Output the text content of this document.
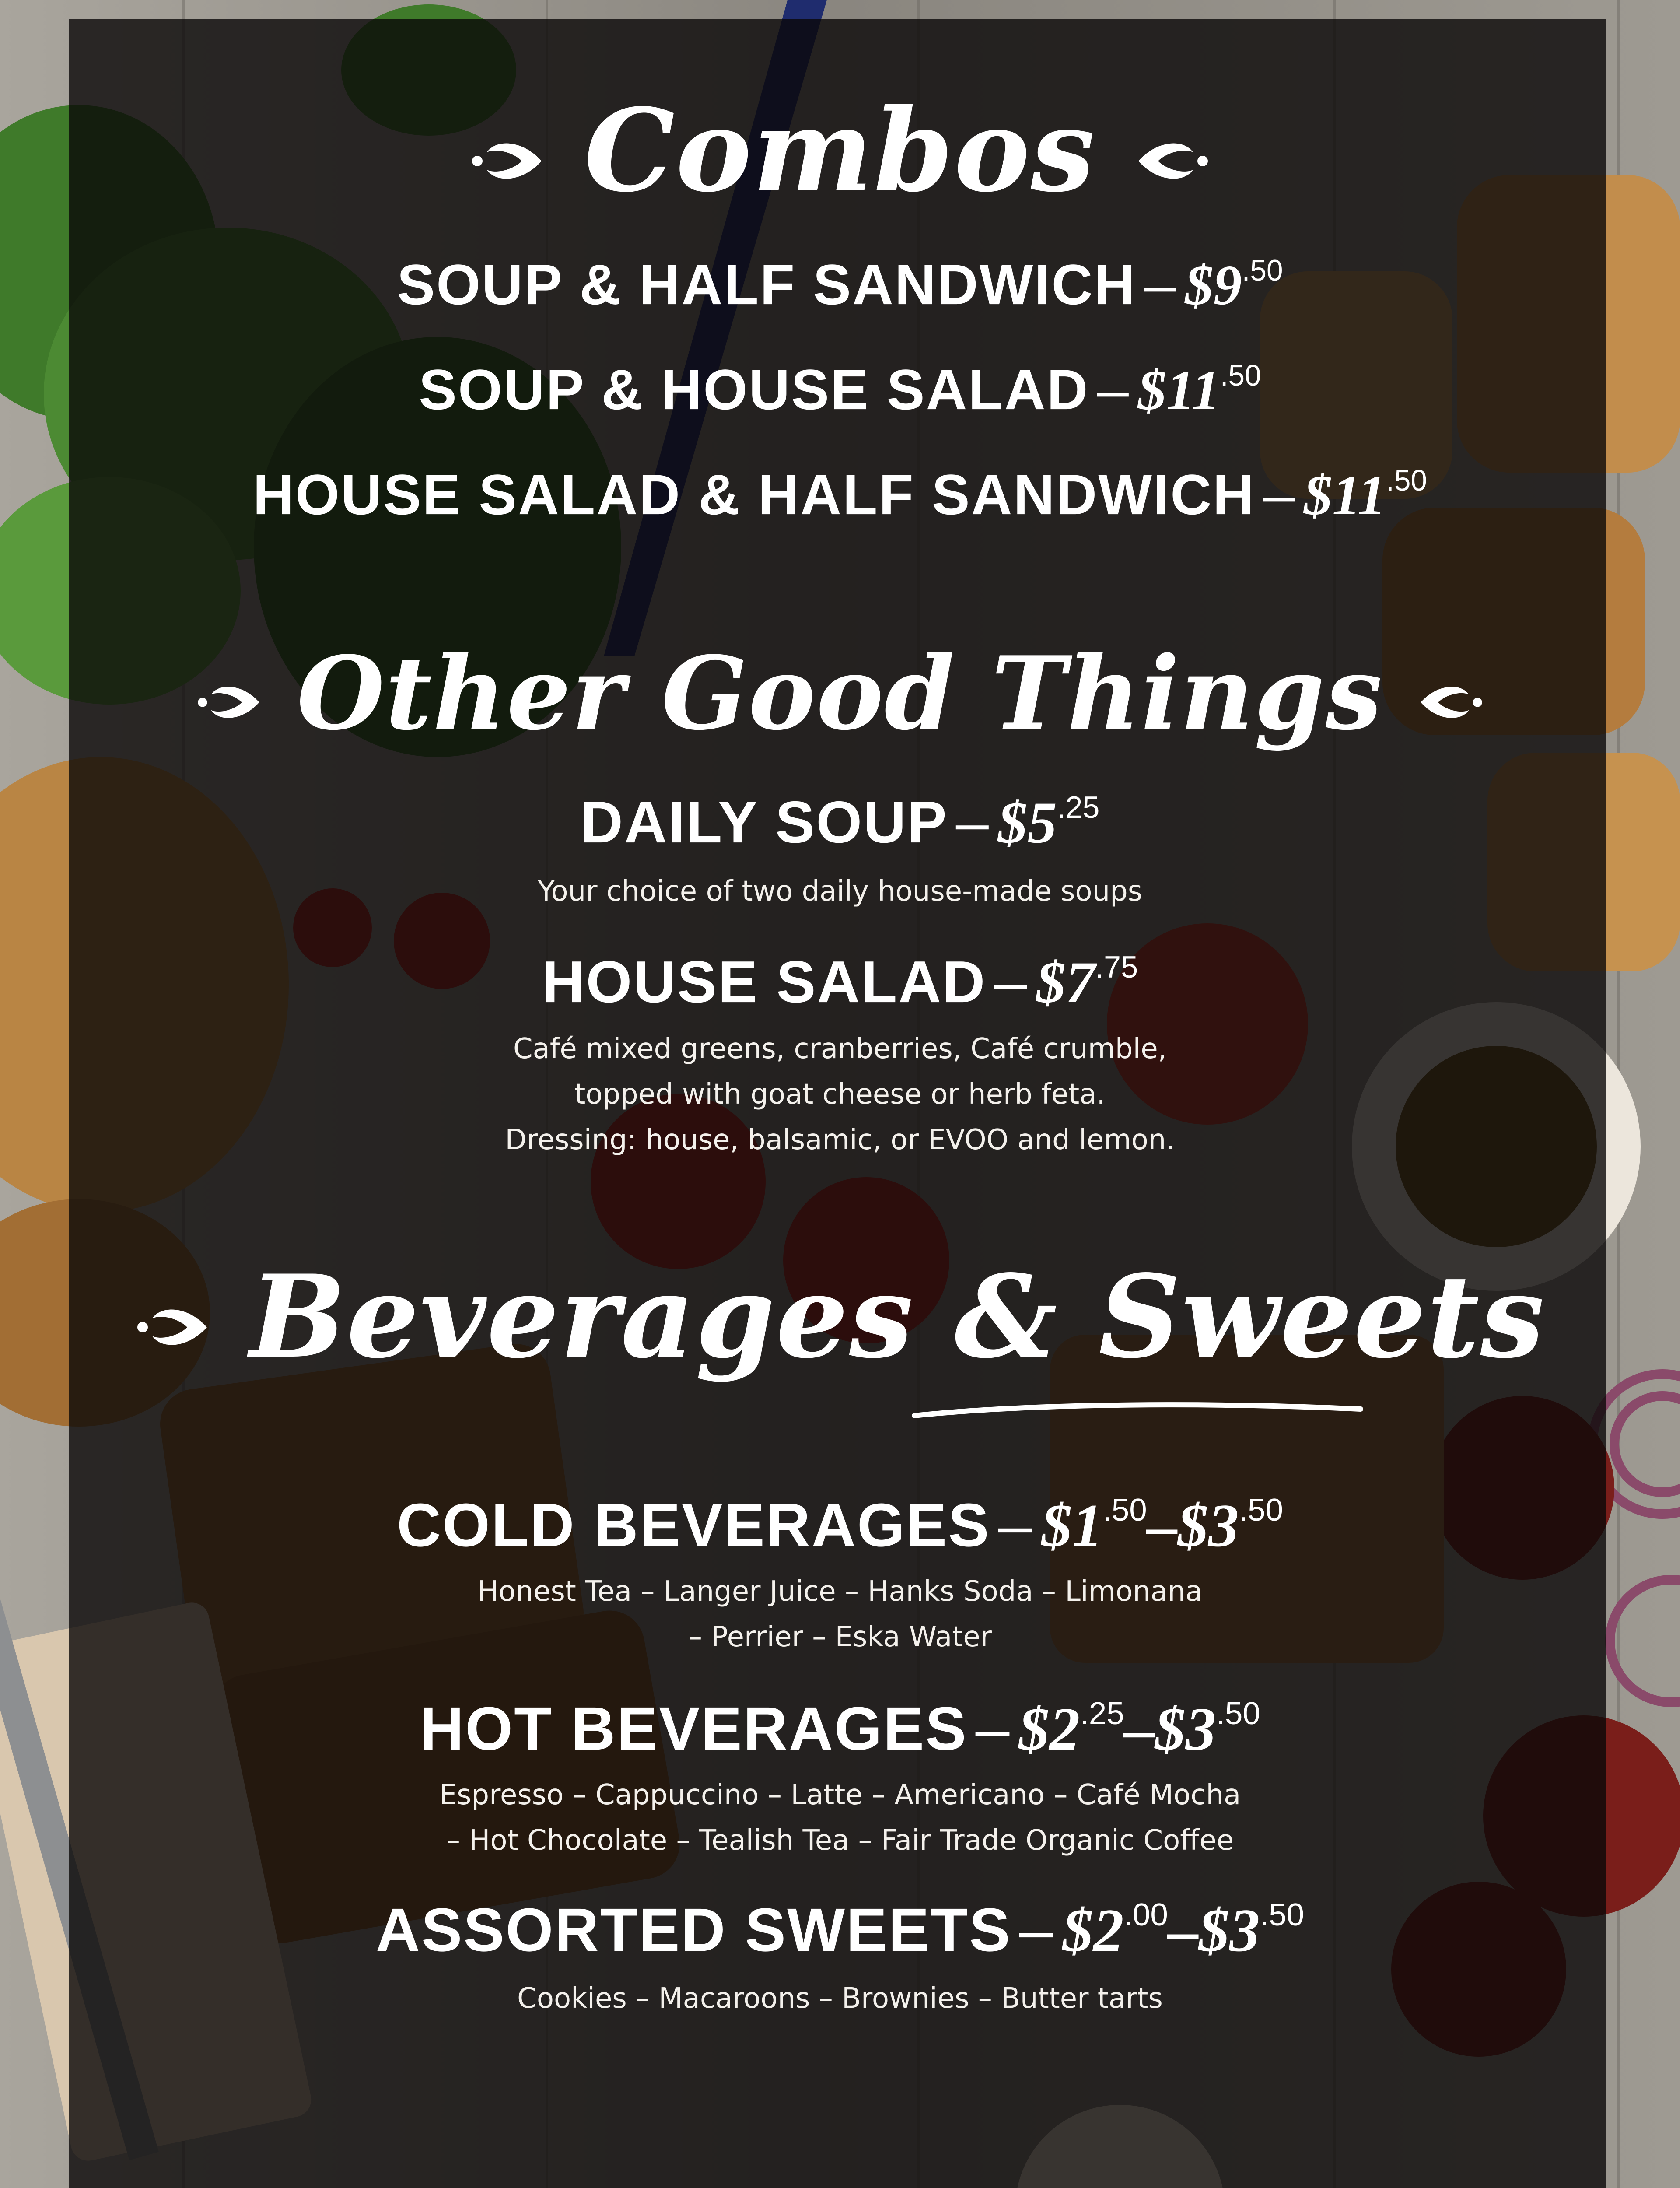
Combos
SOUP & HALF SANDWICH – $\$9^{.50}$
SOUP & HOUSE SALAD – $\$11^{.50}$
HOUSE SALAD & HALF SANDWICH – $\$11^{.50}$
Other Good Things
DAILY SOUP – $\$5^{.25}$
Your choice of two daily house-made soups
HOUSE SALAD – $\$7^{.75}$
Café mixed greens, cranberries, Café crumble,
topped with goat cheese or herb feta.
Dressing: house, balsamic, or EVOO and lemon.
Beverages & Sweets
COLD BEVERAGES – $\$1^{.50}-\$3^{.50}$
Honest Tea – Langer Juice – Hanks Soda – Limonana
– Perrier – Eska Water
HOT BEVERAGES – $\$2^{.25}-\$3^{.50}$
Espresso – Cappuccino – Latte – Americano – Café Mocha
– Hot Chocolate – Tealish Tea – Fair Trade Organic Coffee
ASSORTED SWEETS – $\$2^{.00}-\$3^{.50}$
Cookies – Macaroons – Brownies – Butter tarts
